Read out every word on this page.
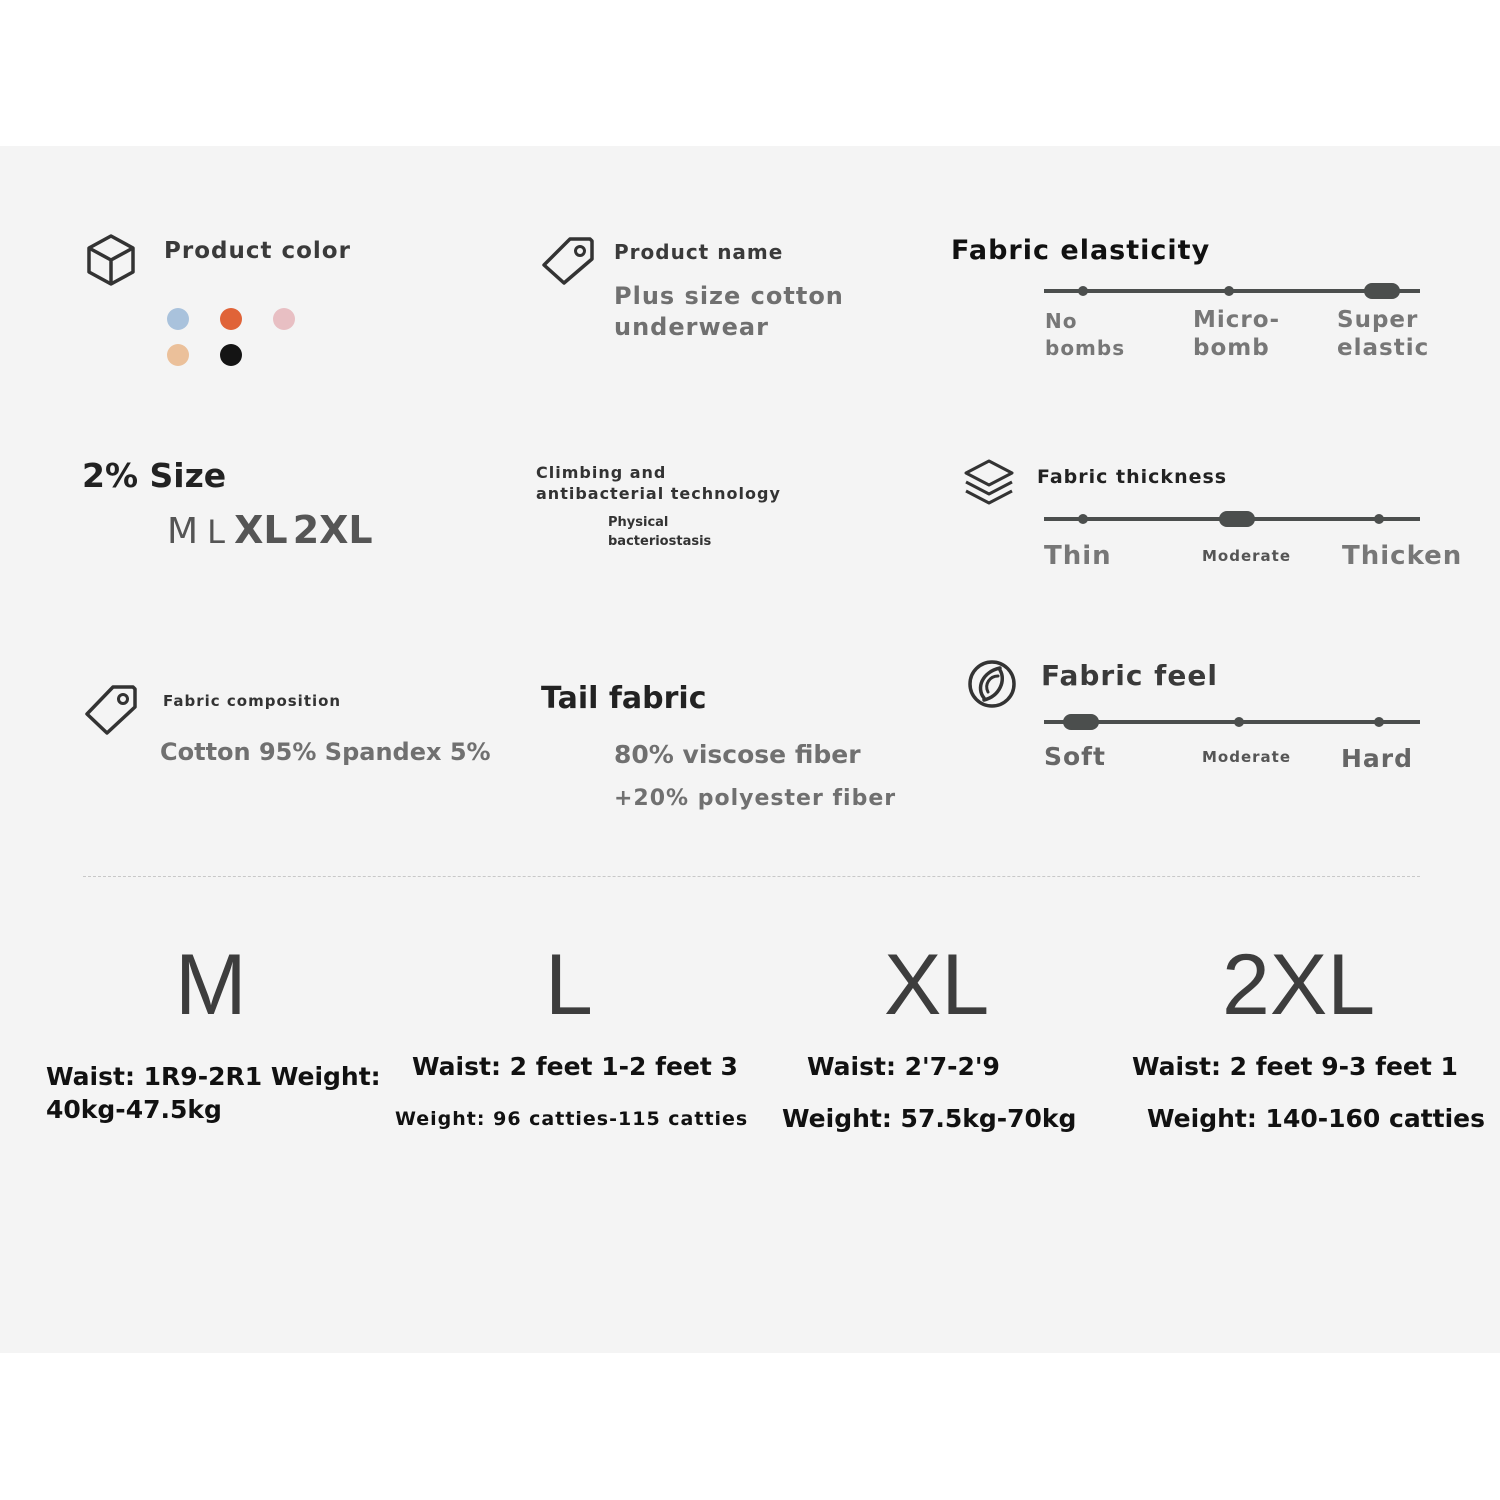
Product color	Product name
Plus size cotton
underwear
Fabric elasticity
No
bombs
Micro-
bomb
Super
elastic
2% Size
M L XL 2XL
Climbing and
antibacterial technology
Physical
bacteriostasis
Fabric thickness
Thin	Moderate Thicken
Fabric composition
Cotton 95% Spandex 5%
Tail fabric
80% viscose fiber
+20% polyester fiber
Fabric feel
Soft	Moderate Hard
M	L	XL	2XL
Waist: 1R9-2R1 Weight:
40kg-47.5kg
Waist: 2 feet 1-2 feet 3
Weight: 96 catties-115 catties
Waist: 2'7-2'9
Weight: 57.5kg-70kg
Waist: 2 feet 9-3 feet 1
Weight: 140-160 catties
